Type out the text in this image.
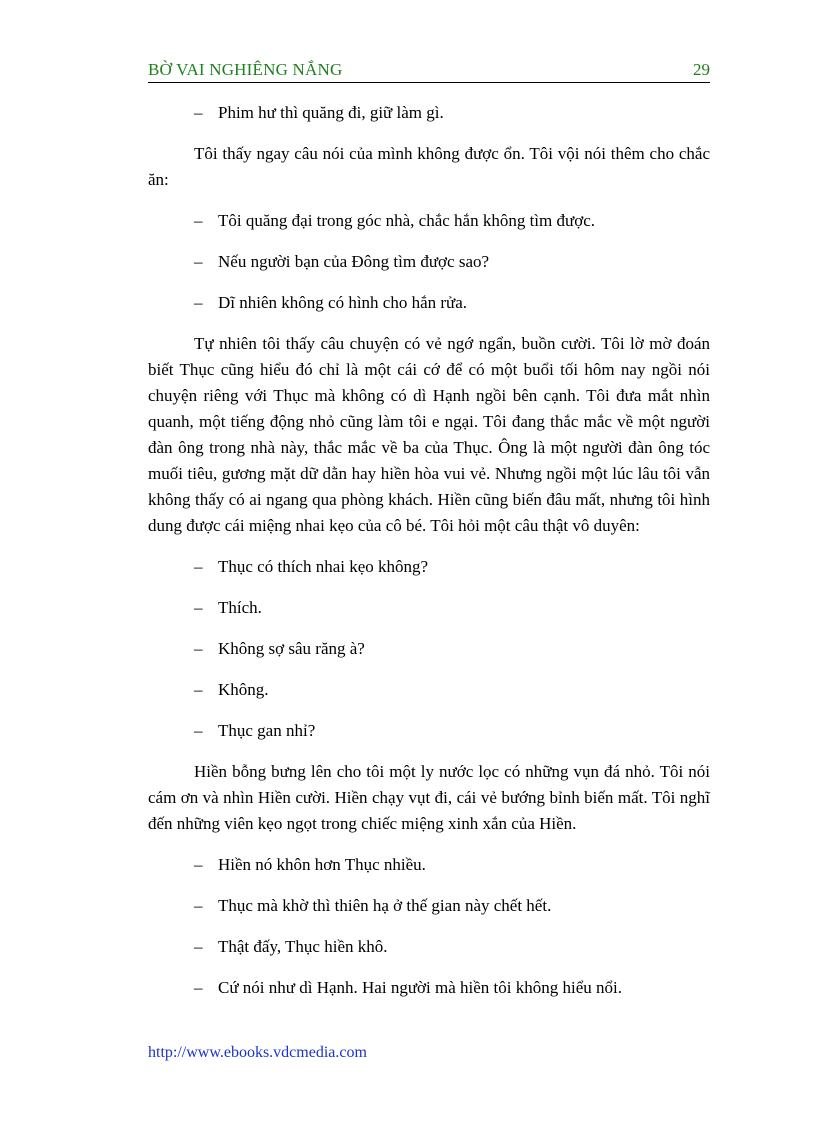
BỜ VAI NGHIÊNG NẮNG	29
– Phim hư thì quăng đi, giữ làm gì.

Tôi thấy ngay câu nói của mình không được ổn. Tôi vội nói thêm cho chắc ăn:

– Tôi quăng đại trong góc nhà, chắc hắn không tìm được.
– Nếu người bạn của Đông tìm được sao?
– Dĩ nhiên không có hình cho hắn rửa.

Tự nhiên tôi thấy câu chuyện có vẻ ngớ ngẩn, buồn cười. Tôi lờ mờ đoán biết Thục cũng hiểu đó chỉ là một cái cớ để có một buổi tối hôm nay ngồi nói chuyện riêng với Thục mà không có dì Hạnh ngồi bên cạnh. Tôi đưa mắt nhìn quanh, một tiếng động nhỏ cũng làm tôi e ngại. Tôi đang thắc mắc về một người đàn ông trong nhà này, thắc mắc về ba của Thục. Ông là một người đàn ông tóc muối tiêu, gương mặt dữ dằn hay hiền hòa vui vẻ. Nhưng ngồi một lúc lâu tôi vẫn không thấy có ai ngang qua phòng khách. Hiền cũng biến đâu mất, nhưng tôi hình dung được cái miệng nhai kẹo của cô bé. Tôi hỏi một câu thật vô duyên:

– Thục có thích nhai kẹo không?
– Thích.
– Không sợ sâu răng à?
– Không.
– Thục gan nhỉ?

Hiền bỗng bưng lên cho tôi một ly nước lọc có những vụn đá nhỏ. Tôi nói cám ơn và nhìn Hiền cười. Hiền chạy vụt đi, cái vẻ bướng bỉnh biến mất. Tôi nghĩ đến những viên kẹo ngọt trong chiếc miệng xinh xắn của Hiền.

– Hiền nó khôn hơn Thục nhiều.
– Thục mà khờ thì thiên hạ ở thế gian này chết hết.
– Thật đấy, Thục hiền khô.
– Cứ nói như dì Hạnh. Hai người mà hiền tôi không hiểu nổi.
http://www.ebooks.vdcmedia.com
